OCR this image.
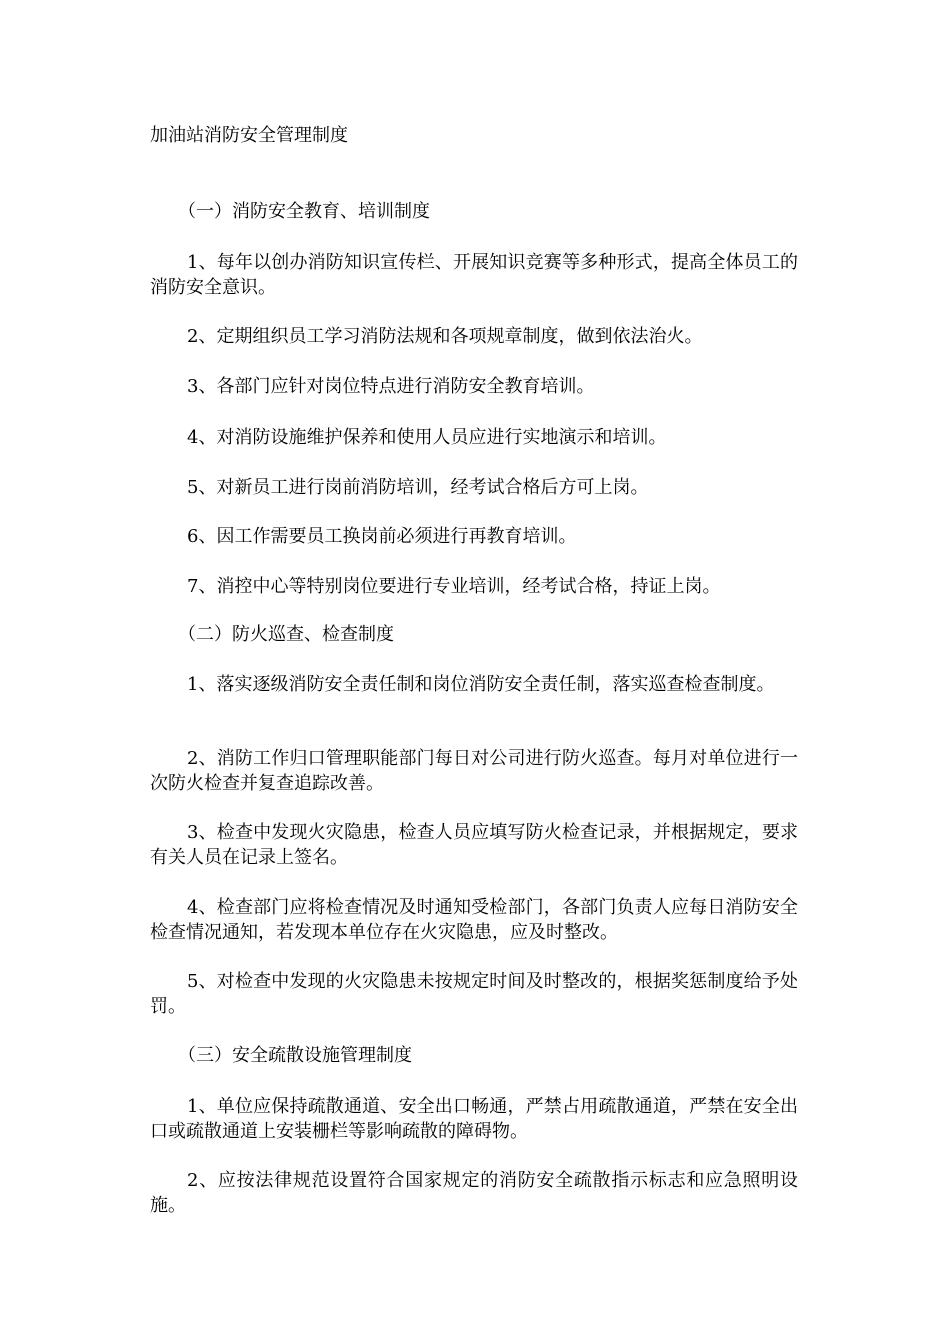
加油站消防安全管理制度
（一）消防安全教育、培训制度
1、每年以创办消防知识宣传栏、开展知识竞赛等多种形式，提高全体员工的消防安全意识。
2、定期组织员工学习消防法规和各项规章制度，做到依法治火。
3、各部门应针对岗位特点进行消防安全教育培训。
4、对消防设施维护保养和使用人员应进行实地演示和培训。
5、对新员工进行岗前消防培训，经考试合格后方可上岗。
6、因工作需要员工换岗前必须进行再教育培训。
7、消控中心等特别岗位要进行专业培训，经考试合格，持证上岗。
（二）防火巡查、检查制度
1、落实逐级消防安全责任制和岗位消防安全责任制，落实巡查检查制度。
2、消防工作归口管理职能部门每日对公司进行防火巡查。每月对单位进行一次防火检查并复查追踪改善。
3、检查中发现火灾隐患，检查人员应填写防火检查记录，并根据规定，要求有关人员在记录上签名。
4、检查部门应将检查情况及时通知受检部门，各部门负责人应每日消防安全检查情况通知，若发现本单位存在火灾隐患，应及时整改。
5、对检查中发现的火灾隐患未按规定时间及时整改的，根据奖惩制度给予处罚。
（三）安全疏散设施管理制度
1、单位应保持疏散通道、安全出口畅通，严禁占用疏散通道，严禁在安全出口或疏散通道上安装栅栏等影响疏散的障碍物。
2、应按法律规范设置符合国家规定的消防安全疏散指示标志和应急照明设施。
